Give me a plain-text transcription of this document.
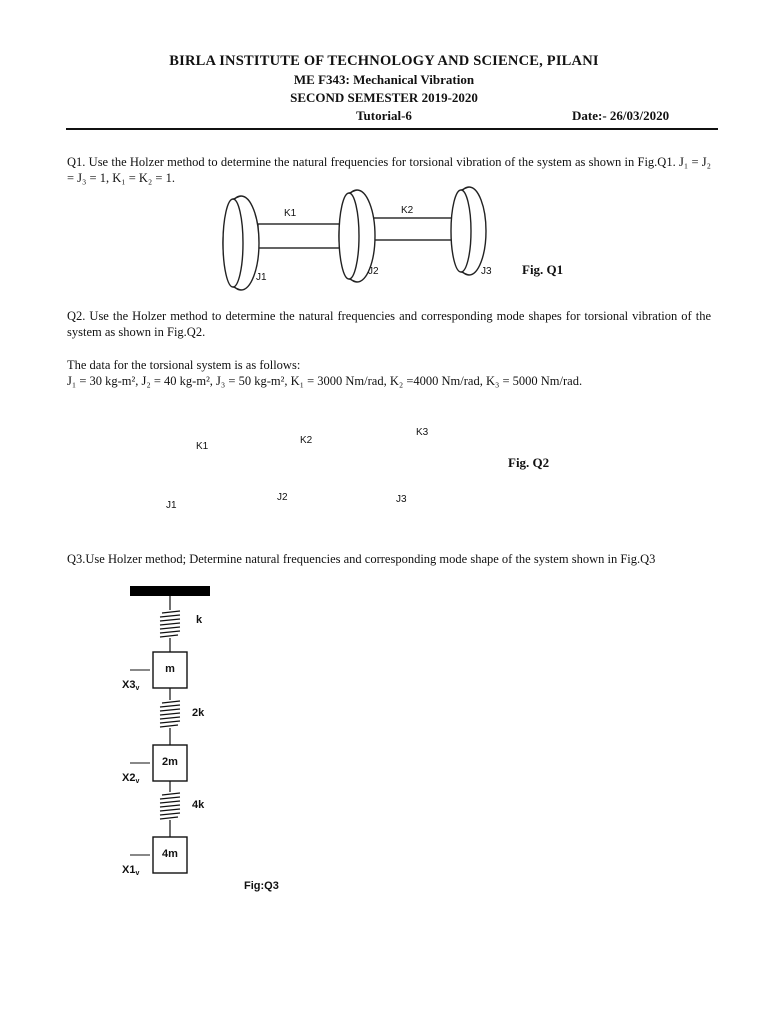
BIRLA INSTITUTE OF TECHNOLOGY AND SCIENCE, PILANI
ME F343: Mechanical Vibration
SECOND SEMESTER 2019-2020
Tutorial-6	Date:- 26/03/2020
Q1. Use the Holzer method to determine the natural frequencies for torsional vibration of the system as shown in Fig.Q1. J₁ = J₂ = J₃ = 1, K₁ = K₂ = 1.
K1	K2
J1
J2	J3 Fig. Q1
Q2. Use the Holzer method to determine the natural frequencies and corresponding mode shapes for torsional vibration of the system as shown in Fig.Q2.
The data for the torsional system is as follows:
J₁ = 30 kg-m², J₂ = 40 kg-m², J₃ = 50 kg-m², K₁ = 3000 Nm/rad, K₂ =4000 Nm/rad, K₃ = 5000 Nm/rad.
K1
K2
K3
J1
J2	J3
Fig. Q2
Q3.Use Holzer method; Determine natural frequencies and corresponding mode shape of the system shown in Fig.Q3
k
2k
4k
m
2m
4m
X3v
X2v
X1v
Fig:Q3
